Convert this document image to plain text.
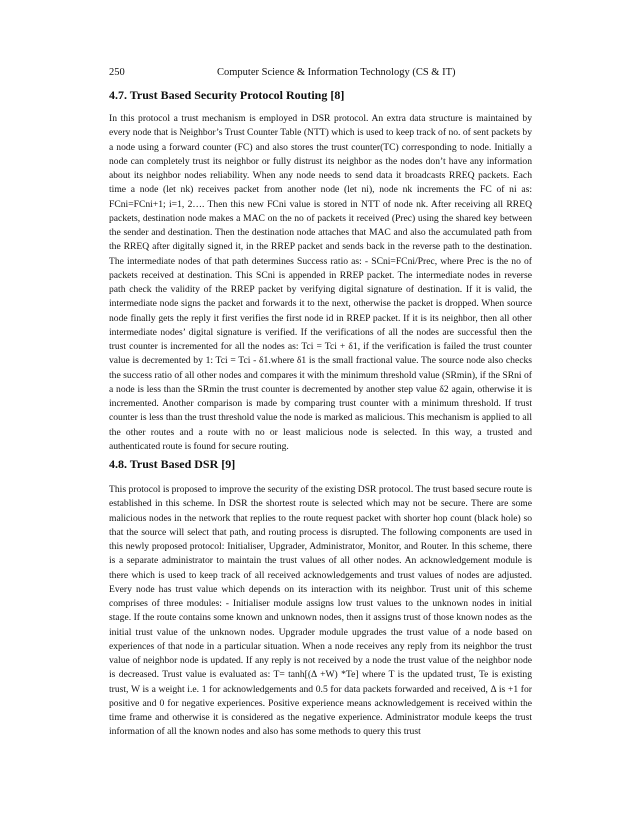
250	Computer Science & Information Technology (CS & IT)
4.7. Trust Based Security Protocol Routing [8]
In this protocol a trust mechanism is employed in DSR protocol. An extra data structure is maintained by every node that is Neighbor’s Trust Counter Table (NTT) which is used to keep track of no. of sent packets by a node using a forward counter (FC) and also stores the trust counter(TC) corresponding to node. Initially a node can completely trust its neighbor or fully distrust its neighbor as the nodes don’t have any information about its neighbor nodes reliability. When any node needs to send data it broadcasts RREQ packets. Each time a node (let nk) receives packet from another node (let ni), node nk increments the FC of ni as: FCni=FCni+1; i=1, 2…. Then this new FCni value is stored in NTT of node nk. After receiving all RREQ packets, destination node makes a MAC on the no of packets it received (Prec) using the shared key between the sender and destination. Then the destination node attaches that MAC and also the accumulated path from the RREQ after digitally signed it, in the RREP packet and sends back in the reverse path to the destination. The intermediate nodes of that path determines Success ratio as: - SCni=FCni/Prec, where Prec is the no of packets received at destination. This SCni is appended in RREP packet. The intermediate nodes in reverse path check the validity of the RREP packet by verifying digital signature of destination. If it is valid, the intermediate node signs the packet and forwards it to the next, otherwise the packet is dropped. When source node finally gets the reply it first verifies the first node id in RREP packet. If it is its neighbor, then all other intermediate nodes’ digital signature is verified. If the verifications of all the nodes are successful then the trust counter is incremented for all the nodes as: Tci = Tci + δ1, if the verification is failed the trust counter value is decremented by 1: Tci = Tci - δ1.where δ1 is the small fractional value. The source node also checks the success ratio of all other nodes and compares it with the minimum threshold value (SRmin), if the SRni of a node is less than the SRmin the trust counter is decremented by another step value δ2 again, otherwise it is incremented. Another comparison is made by comparing trust counter with a minimum threshold. If trust counter is less than the trust threshold value the node is marked as malicious. This mechanism is applied to all the other routes and a route with no or least malicious node is selected. In this way, a trusted and authenticated route is found for secure routing.
4.8. Trust Based DSR [9]
This protocol is proposed to improve the security of the existing DSR protocol. The trust based secure route is established in this scheme. In DSR the shortest route is selected which may not be secure. There are some malicious nodes in the network that replies to the route request packet with shorter hop count (black hole) so that the source will select that path, and routing process is disrupted. The following components are used in this newly proposed protocol: Initialiser, Upgrader, Administrator, Monitor, and Router. In this scheme, there is a separate administrator to maintain the trust values of all other nodes. An acknowledgement module is there which is used to keep track of all received acknowledgements and trust values of nodes are adjusted. Every node has trust value which depends on its interaction with its neighbor. Trust unit of this scheme comprises of three modules: - Initialiser module assigns low trust values to the unknown nodes in initial stage. If the route contains some known and unknown nodes, then it assigns trust of those known nodes as the initial trust value of the unknown nodes. Upgrader module upgrades the trust value of a node based on experiences of that node in a particular situation. When a node receives any reply from its neighbor the trust value of neighbor node is updated. If any reply is not received by a node the trust value of the neighbor node is decreased. Trust value is evaluated as: T= tanh[(Δ +W) *Te] where T is the updated trust, Te is existing trust, W is a weight i.e. 1 for acknowledgements and 0.5 for data packets forwarded and received, Δ is +1 for positive and 0 for negative experiences. Positive experience means acknowledgement is received within the time frame and otherwise it is considered as the negative experience. Administrator module keeps the trust information of all the known nodes and also has some methods to query this trust
